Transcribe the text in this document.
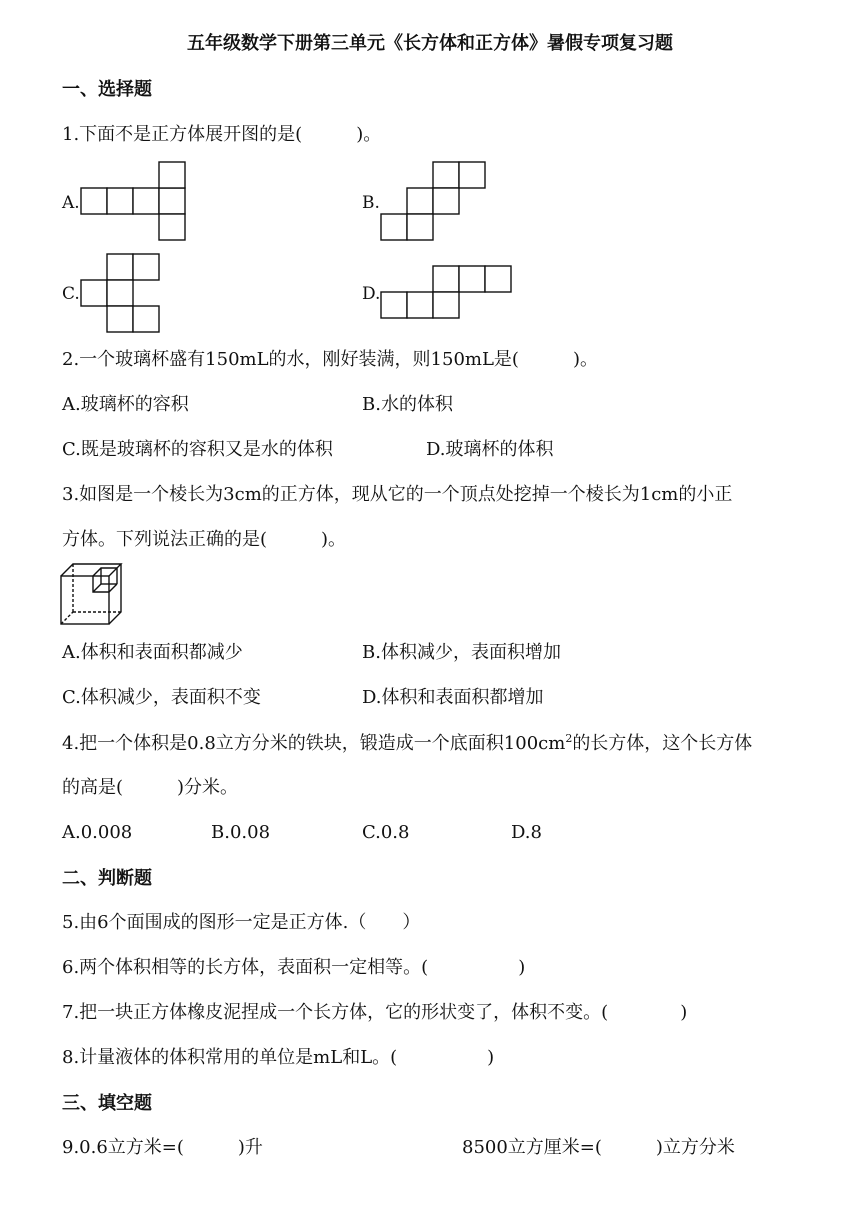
五年级数学下册第三单元《长方体和正方体》暑假专项复习题
一、选择题
1.下面不是正方体展开图的是(　　　)。
A.	B.
C.	D.
2.一个玻璃杯盛有150mL的水，刚好装满，则150mL是(　　　)。
A.玻璃杯的容积	B.水的体积
C.既是玻璃杯的容积又是水的体积	D.玻璃杯的体积
3.如图是一个棱长为3cm的正方体，现从它的一个顶点处挖掉一个棱长为1cm的小正
方体。下列说法正确的是(　　　)。
A.体积和表面积都减少	B.体积减少，表面积增加
C.体积减少，表面积不变	D.体积和表面积都增加
4.把一个体积是0.8立方分米的铁块，锻造成一个底面积$100cm^2$的长方体，这个长方体
的高是(　　　)分米。
A.0.008	B.0.08	C.0.8	D.8
二、判断题
5.由6个面围成的图形一定是正方体.（　　）
6.两个体积相等的长方体，表面积一定相等。(　　　　　)
7.把一块正方体橡皮泥捏成一个长方体，它的形状变了，体积不变。(　　　　)
8.计量液体的体积常用的单位是mL和L。(　　　　　)
三、填空题
9.0.6立方米=(　　　)升	8500立方厘米=(　　　)立方分米
